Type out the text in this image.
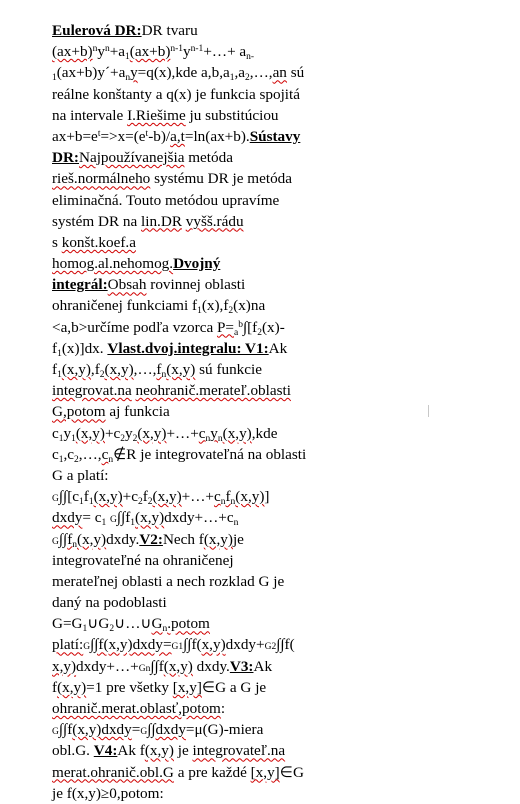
Eulerová DR:DR tvaru
$(ax+b)^ny^n+a_1(ax+b)^{n-1}y^{n-1}+\dots+ a_{n-}$
$_1(ax+b)y´+a_ny=q(x),kde$ $a,b,a_1,a_2,\dots,an$ sú
reálne konštanty a q(x) je funkcia spojitá
na intervale I.Riešime ju substitúciou
$ax+b=e^t=>x=(e^t-b)/a,t=\ln(ax+b).Sústavy$
DR:Najpoužívanejšia metóda
rieš.normálneho systému DR je metóda
eliminačná. Touto metódou upravíme
systém DR na lin.DR vyšš.rádu
s konšt.koef.a
homog.al.nehomog.Dvojný
integrál:Obsah rovinnej oblasti
ohraničenej funkciami $f_1(x),f_2(x)na$
<a,b>určíme podľa vzorca $P=_a^b\int[f_2(x)-$
$f_1(x)]dx$. Vlast.dvoj.integralu: V1:Ak
$f_1(x,y),f_2(x,y),\dots,f_n(x,y)$ sú funkcie
integrovat.na neohranič.merateľ.oblasti
G,potom aj funkcia
$c_1y_1(x,y)+c_2y_2(x,y)+\dots+c_ny_n(x,y),kde$
$c_1,c_2,\dots,c_n\notin R$ je integrovateľná na oblasti
G a platí:
$G\int\int[c_1f_1(x,y)+c_2f_2(x,y)+\dots+c_nf_n(x,y)]$
dxdy= $c_1$ $G\int\int f_1(x,y)dxdy+\dots+c_n$
$G\int\int f_n(x,y)dxdy.V2:Nech$ f(x,y)je
integrovateľné na ohraničenej
merateľnej oblasti a nech rozklad G je
daný na podoblasti
$G=G_1\cup G_2\cup\dots\cup G_n.potom$
platí:G∫∫f(x,y)dxdy=G1∫∫f(x,y)dxdy+G2∫∫f(
x,y)dxdy+…+Gn∫∫f(x,y) dxdy.V3:Ak
f(x,y)=1 pre všetky [x,y]∈G a G je
ohranič.merat.oblasť,potom:
G∫∫f(x,y)dxdy=G∫∫dxdy=μ(G)-miera
obl.G. V4:Ak f(x,y) je integrovateľ.na
merat.ohranič.obl.G a pre každé [x,y]∈G
je f(x,y)≥0,potom:
